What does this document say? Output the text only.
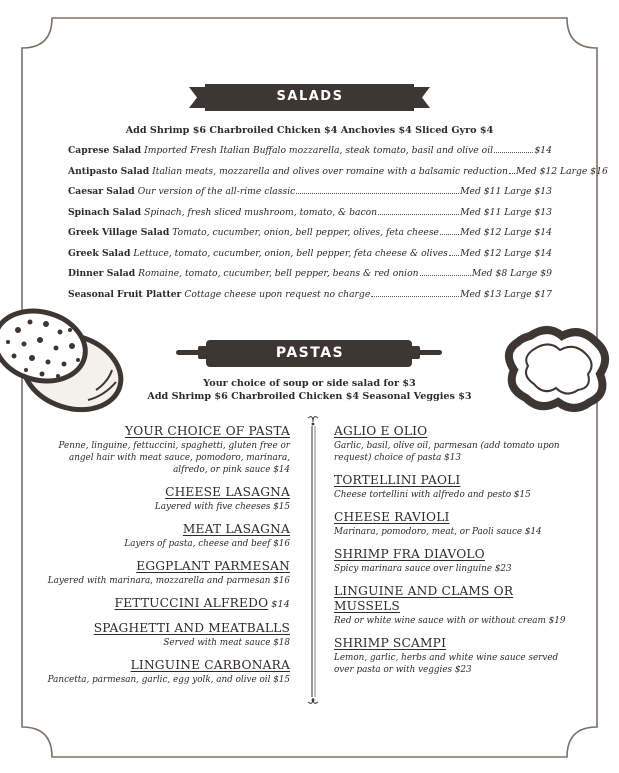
SALADS
Add Shrimp $6 Charbroiled Chicken $4 Anchovies $4 Sliced Gyro $4
Caprese Salad Imported Fresh Italian Buffalo mozzarella, steak tomato, basil and olive oil	$14
Antipasto Salad Italian meats, mozzarella and olives over romaine with a balsamic reduction Med $12 Large $16
Caesar Salad Our version of the all-rime classic	Med $11 Large $13
Spinach Salad Spinach, fresh sliced mushroom, tomato, & bacon	Med $11 Large $13
Greek Village Salad Tomato, cucumber, onion, bell pepper, olives, feta cheese Med $12 Large $14
Greek Salad Lettuce, tomato, cucumber, onion, bell pepper, feta cheese & olives Med $12 Large $14
Dinner Salad Romaine, tomato, cucumber, bell pepper, beans & red onion	Med $8 Large $9
Seasonal Fruit Platter Cottage cheese upon request no charge	Med $13 Large $17
PASTAS
Your choice of soup or side salad for $3
Add Shrimp $6 Charbroiled Chicken $4 Seasonal Veggies $3
YOUR CHOICE OF PASTA
Penne, linguine, fettuccini, spaghetti, gluten free or angel hair with meat sauce, pomodoro, marinara, alfredo, or pink sauce $14
CHEESE LASAGNA
Layered with five cheeses $15
MEAT LASAGNA
Layers of pasta, cheese and beef $16
EGGPLANT PARMESAN
Layered with marinara, mozzarella and parmesan $16
FETTUCCINI ALFREDO $14
SPAGHETTI AND MEATBALLS
Served with meat sauce $18
LINGUINE CARBONARA
Pancetta, parmesan, garlic, egg yolk, and olive oil $15
AGLIO E OLIO
Garlic, basil, olive oil, parmesan (add tomato upon request) choice of pasta $13
TORTELLINI PAOLI
Cheese tortellini with alfredo and pesto $15
CHEESE RAVIOLI
Marinara, pomodoro, meat, or Paoli sauce $14
SHRIMP FRA DIAVOLO
Spicy marinara sauce over linguine $23
LINGUINE AND CLAMS OR MUSSELS
Red or white wine sauce with or without cream $19
SHRIMP SCAMPI
Lemon, garlic, herbs and white wine sauce served over pasta or with veggies $23
